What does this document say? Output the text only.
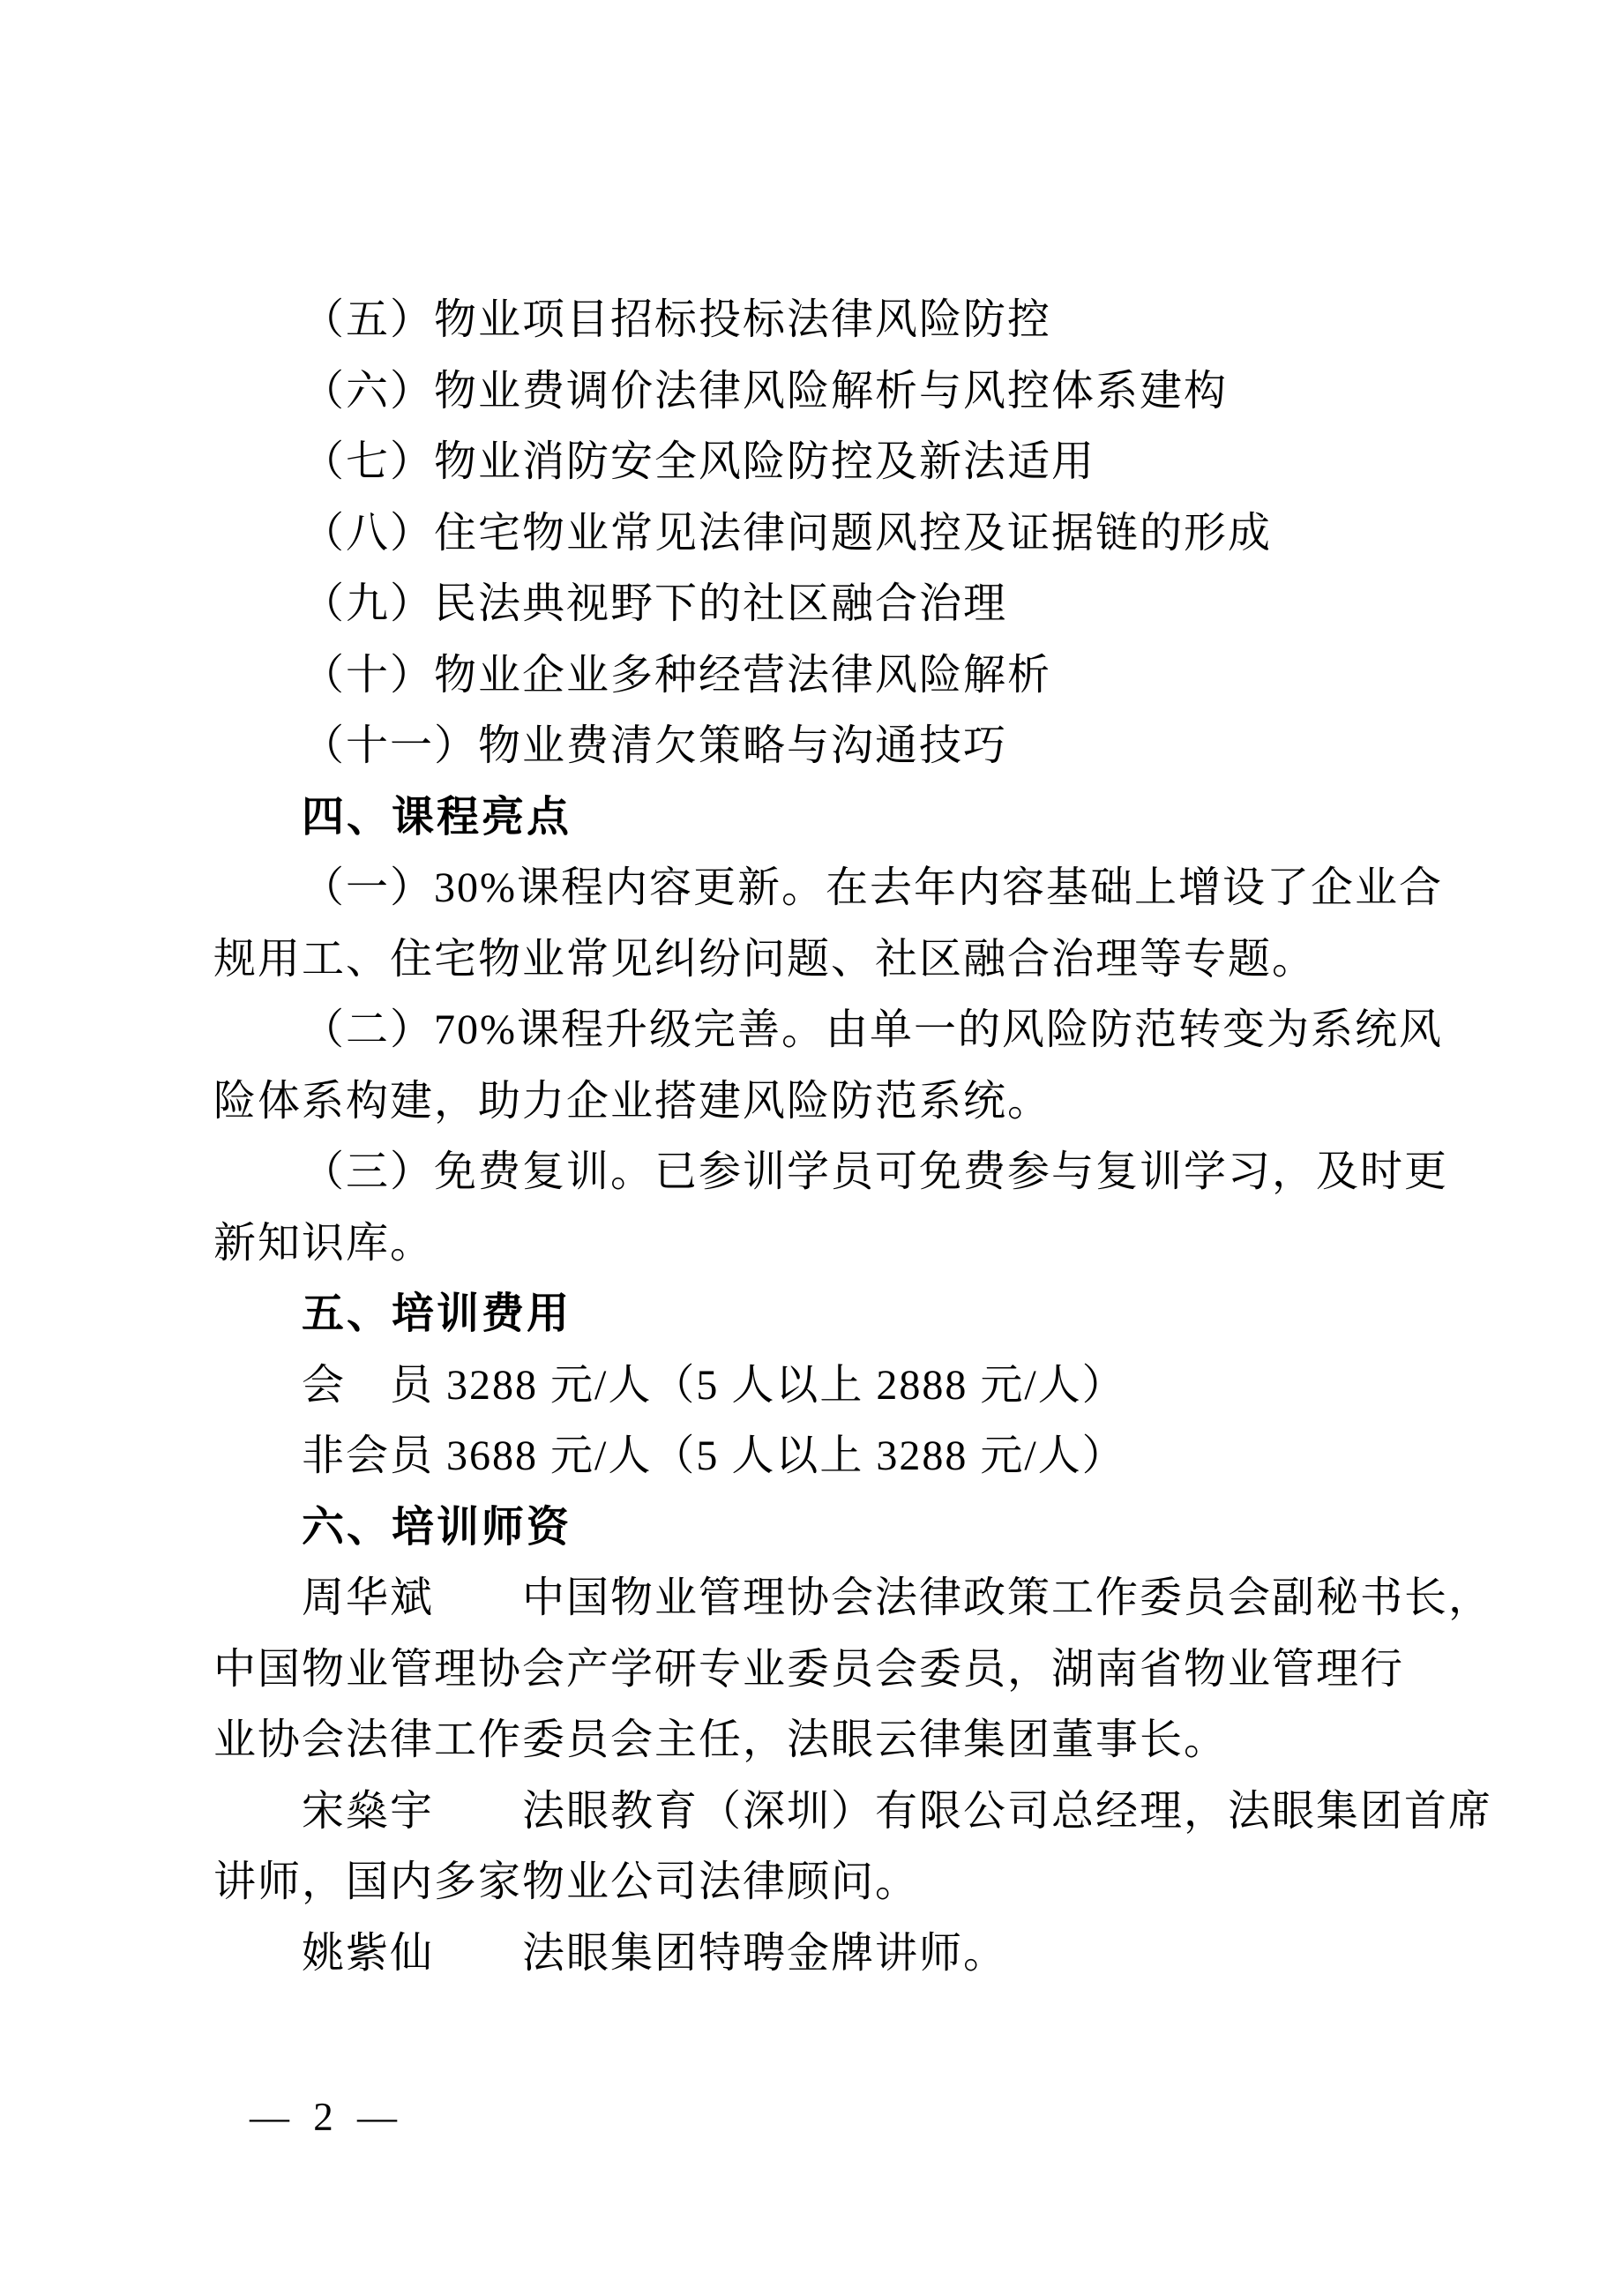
（五）物业项目招标投标法律风险防控

（六）物业费调价法律风险解析与风控体系建构

（七）物业消防安全风险防控及新法适用

（八）住宅物业常见法律问题风控及证据链的形成

（九）民法典视野下的社区融合治理

（十）物业企业多种经营法律风险解析

（十一）物业费清欠策略与沟通技巧

四、课程亮点

（一）30%课程内容更新。在去年内容基础上增设了企业合

规用工、住宅物业常见纠纷问题、社区融合治理等专题。

（二）70%课程升级完善。由单一的风险防范转变为系统风

险体系构建，助力企业搭建风险防范系统。

（三）免费复训。已参训学员可免费参与复训学习，及时更

新知识库。

五、培训费用

会　员 3288 元/人（5 人以上 2888 元/人）

非会员 3688 元/人（5 人以上 3288 元/人）

六、培训师资

周华斌　　中国物业管理协会法律政策工作委员会副秘书长，

中国物业管理协会产学研专业委员会委员，湖南省物业管理行

业协会法律工作委员会主任，法眼云律集团董事长。

宋燊宇　　法眼教育（深圳）有限公司总经理，法眼集团首席

讲师，国内多家物业公司法律顾问。

姚紫仙　　法眼集团特聘金牌讲师。

— 2 —
